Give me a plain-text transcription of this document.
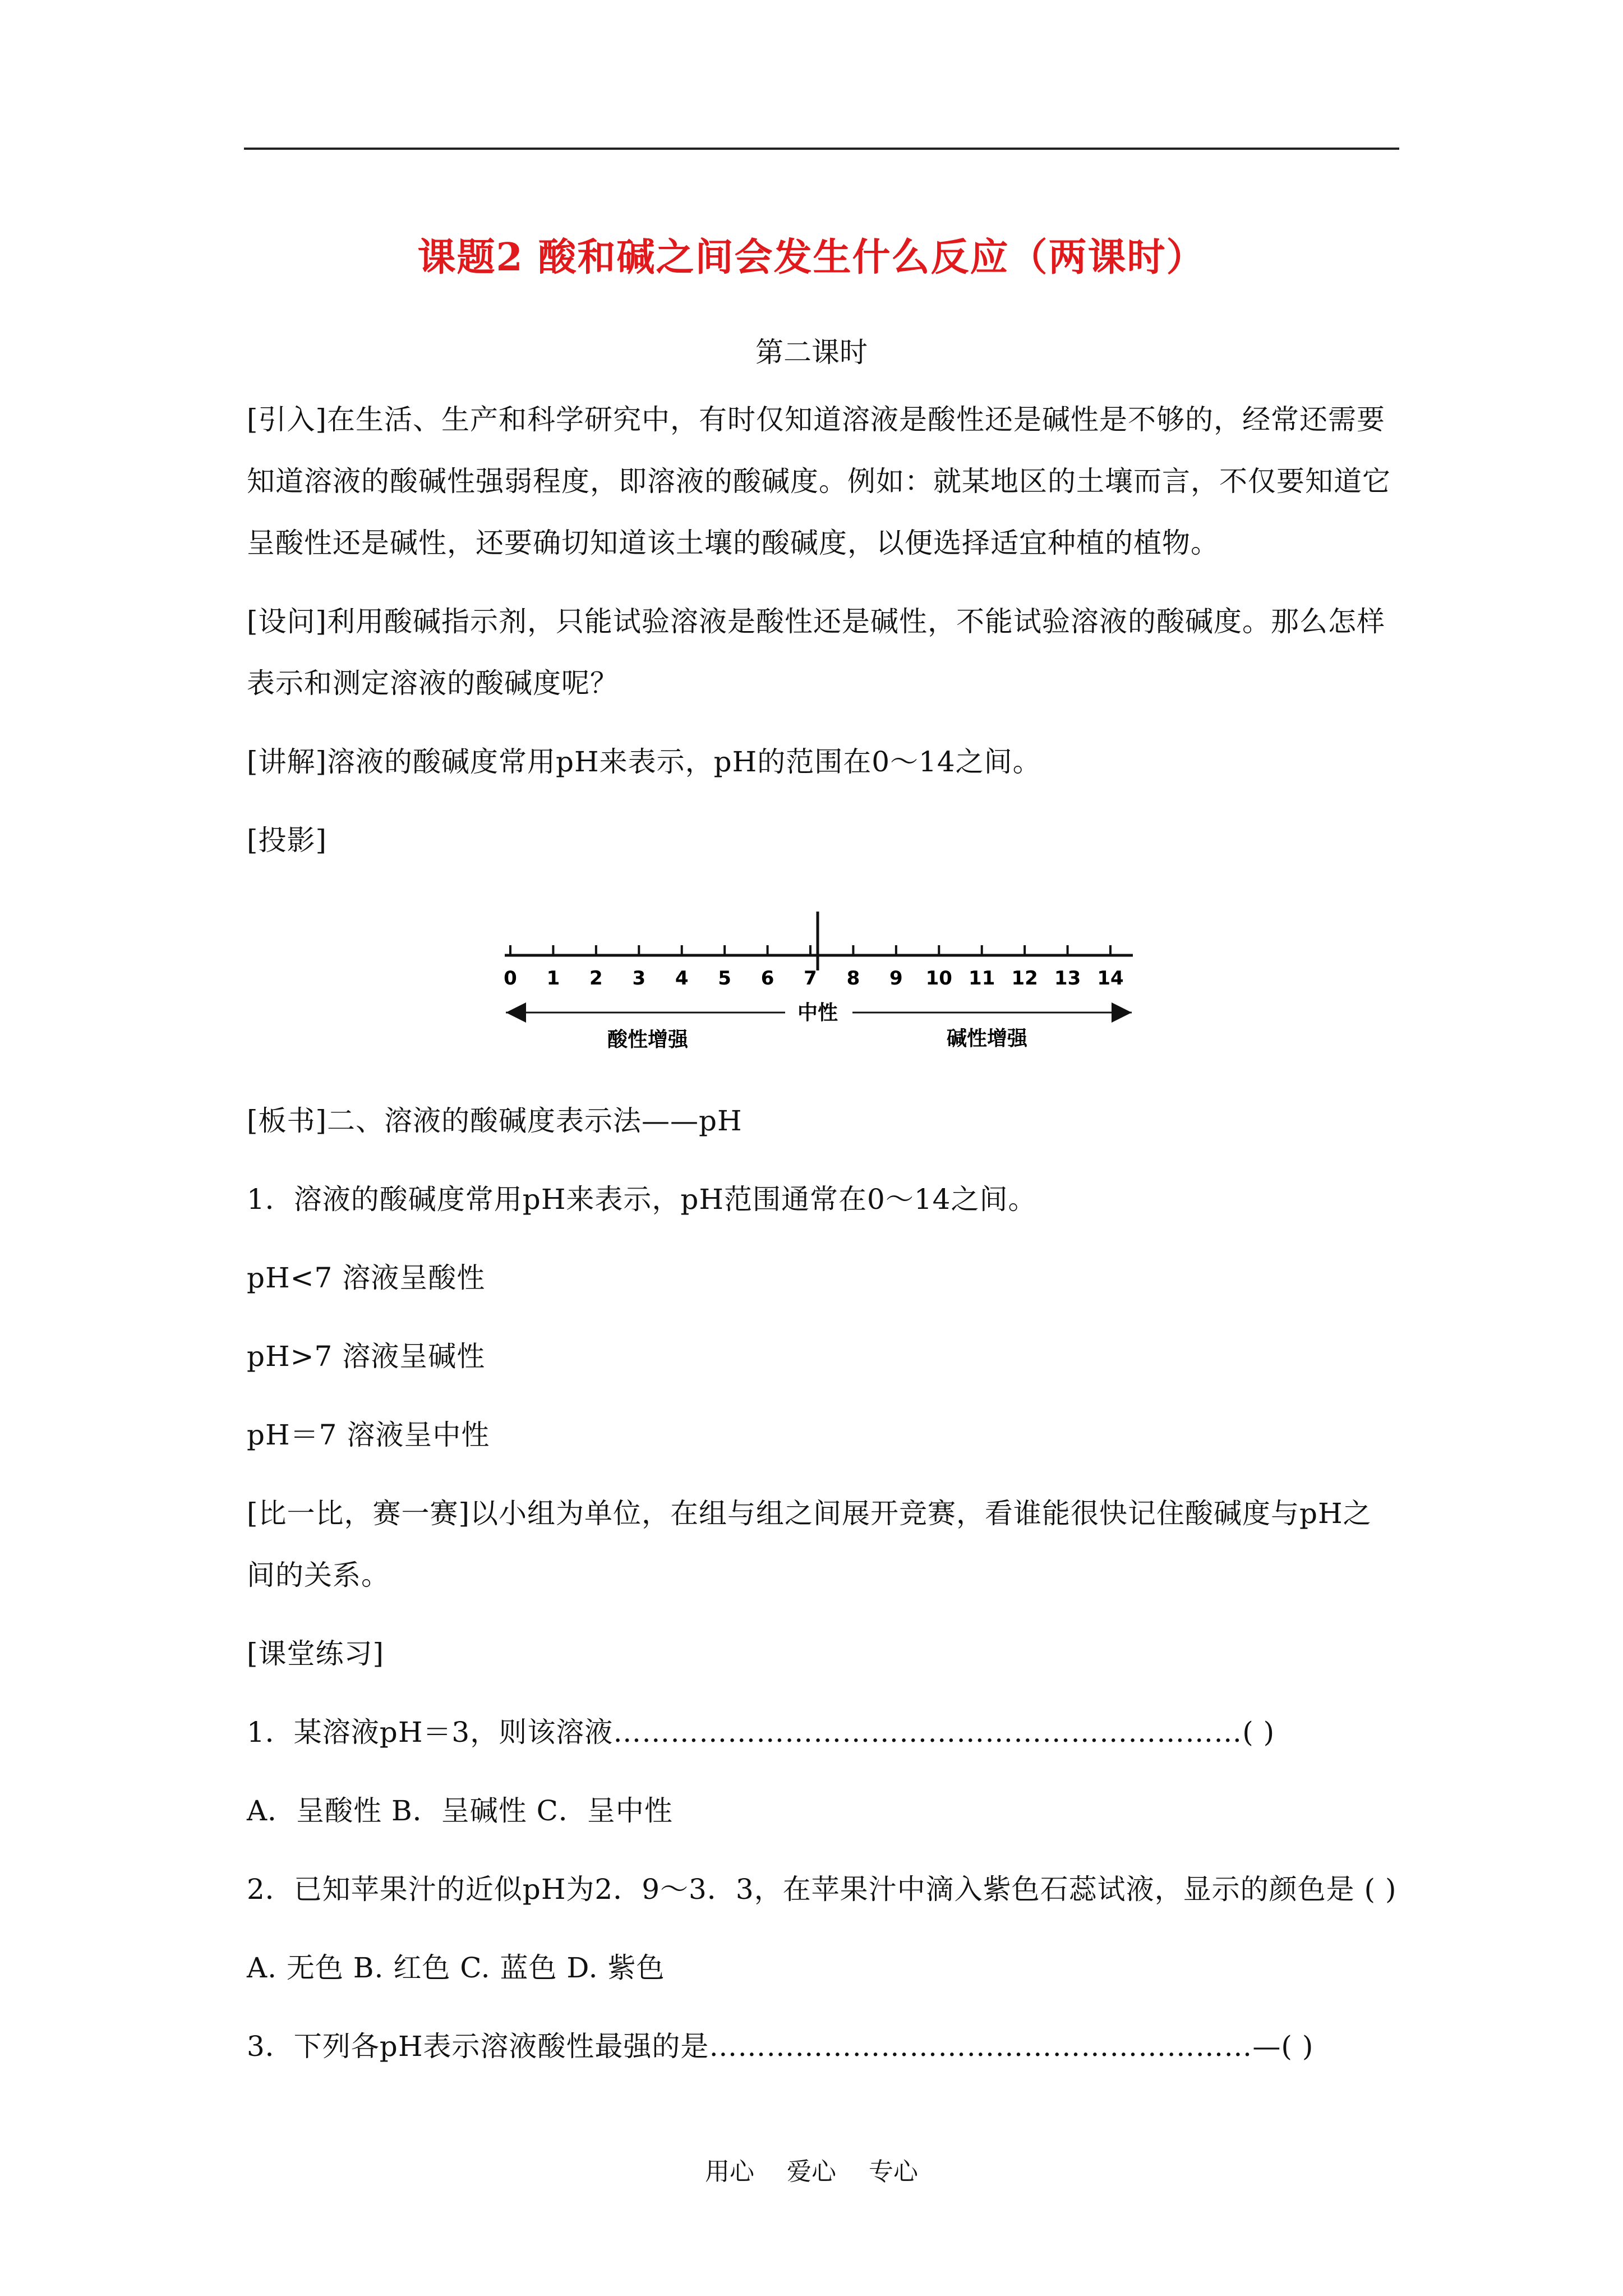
课题2 酸和碱之间会发生什么反应（两课时）
第二课时
[引入]在生活、生产和科学研究中，有时仅知道溶液是酸性还是碱性是不够的，经常还需要
知道溶液的酸碱性强弱程度，即溶液的酸碱度。例如：就某地区的土壤而言，不仅要知道它
呈酸性还是碱性，还要确切知道该土壤的酸碱度，以便选择适宜种植的植物。
[设问]利用酸碱指示剂，只能试验溶液是酸性还是碱性，不能试验溶液的酸碱度。那么怎样
表示和测定溶液的酸碱度呢？
[讲解]溶液的酸碱度常用pH来表示，pH的范围在0～14之间。
[投影]
0 1 2 3 4 5 6 7 8 9 10 11 12 13 14
中性
酸性增强	碱性增强
[板书]二、溶液的酸碱度表示法——pH
1．溶液的酸碱度常用pH来表示，pH范围通常在0～14之间。
pH<7 溶液呈酸性
pH>7 溶液呈碱性
pH＝7 溶液呈中性
[比一比，赛一赛]以小组为单位，在组与组之间展开竞赛，看谁能很快记住酸碱度与pH之
间的关系。
[课堂练习]
1．某溶液pH＝3，则该溶液…………………………………………………………( )
A．呈酸性 B．呈碱性 C．呈中性
2．已知苹果汁的近似pH为2．9～3．3，在苹果汁中滴入紫色石蕊试液，显示的颜色是 ( )
A. 无色 B. 红色 C. 蓝色 D. 紫色
3．下列各pH表示溶液酸性最强的是…………………………………………………—( )
用心 爱心 专心
